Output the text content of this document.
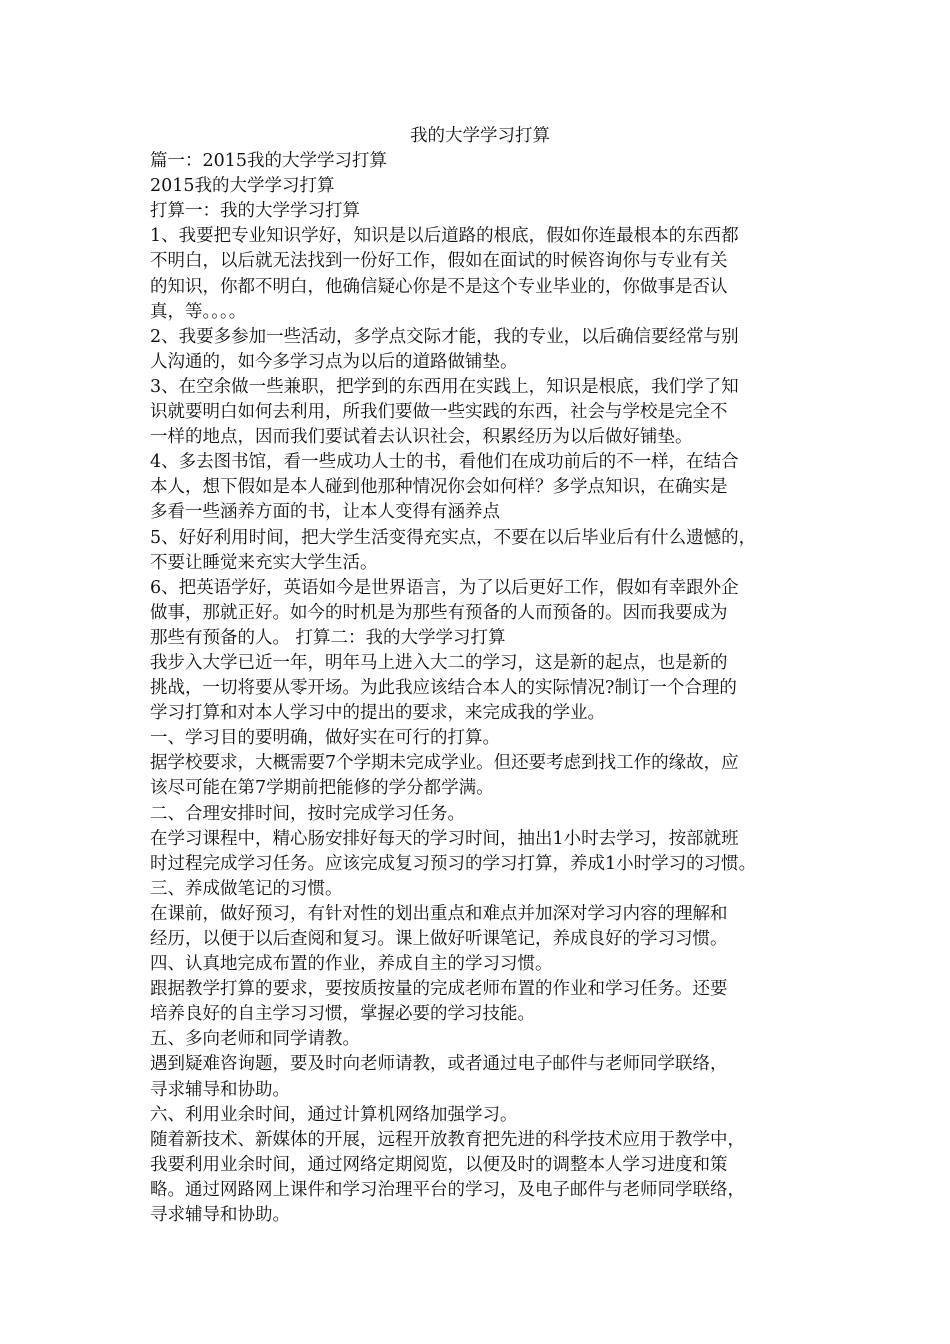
我的大学学习打算
篇一：2015我的大学学习打算
2015我的大学学习打算
打算一：我的大学学习打算
1、我要把专业知识学好，知识是以后道路的根底，假如你连最根本的东西都
不明白，以后就无法找到一份好工作，假如在面试的时候咨询你与专业有关
的知识，你都不明白，他确信疑心你是不是这个专业毕业的，你做事是否认
真，等。。。。
2、我要多参加一些活动，多学点交际才能，我的专业，以后确信要经常与别
人沟通的，如今多学习点为以后的道路做铺垫。
3、在空余做一些兼职，把学到的东西用在实践上，知识是根底，我们学了知
识就要明白如何去利用，所我们要做一些实践的东西，社会与学校是完全不
一样的地点，因而我们要试着去认识社会，积累经历为以后做好铺垫。
4、多去图书馆，看一些成功人士的书，看他们在成功前后的不一样，在结合
本人，想下假如是本人碰到他那种情况你会如何样？多学点知识，在确实是
多看一些涵养方面的书，让本人变得有涵养点
5、好好利用时间，把大学生活变得充实点，不要在以后毕业后有什么遗憾的，
不要让睡觉来充实大学生活。
6、把英语学好，英语如今是世界语言，为了以后更好工作，假如有幸跟外企
做事，那就正好。如今的时机是为那些有预备的人而预备的。因而我要成为
那些有预备的人。 打算二：我的大学学习打算
我步入大学已近一年，明年马上进入大二的学习，这是新的起点，也是新的
挑战，一切将要从零开场。为此我应该结合本人的实际情况?制订一个合理的
学习打算和对本人学习中的提出的要求，来完成我的学业。
一、学习目的要明确，做好实在可行的打算。
据学校要求，大概需要7个学期未完成学业。但还要考虑到找工作的缘故，应
该尽可能在第7学期前把能修的学分都学满。
二、合理安排时间，按时完成学习任务。
在学习课程中，精心肠安排好每天的学习时间，抽出1小时去学习，按部就班
时过程完成学习任务。应该完成复习预习的学习打算，养成1小时学习的习惯。
三、养成做笔记的习惯。
在课前，做好预习，有针对性的划出重点和难点并加深对学习内容的理解和
经历，以便于以后查阅和复习。课上做好听课笔记，养成良好的学习习惯。
四、认真地完成布置的作业，养成自主的学习习惯。
跟据教学打算的要求，要按质按量的完成老师布置的作业和学习任务。还要
培养良好的自主学习习惯，掌握必要的学习技能。
五、多向老师和同学请教。
遇到疑难咨询题，要及时向老师请教，或者通过电子邮件与老师同学联络，
寻求辅导和协助。
六、利用业余时间，通过计算机网络加强学习。
随着新技术、新媒体的开展，远程开放教育把先进的科学技术应用于教学中，
我要利用业余时间，通过网络定期阅览，以便及时的调整本人学习进度和策
略。通过网路网上课件和学习治理平台的学习，及电子邮件与老师同学联络，
寻求辅导和协助。
